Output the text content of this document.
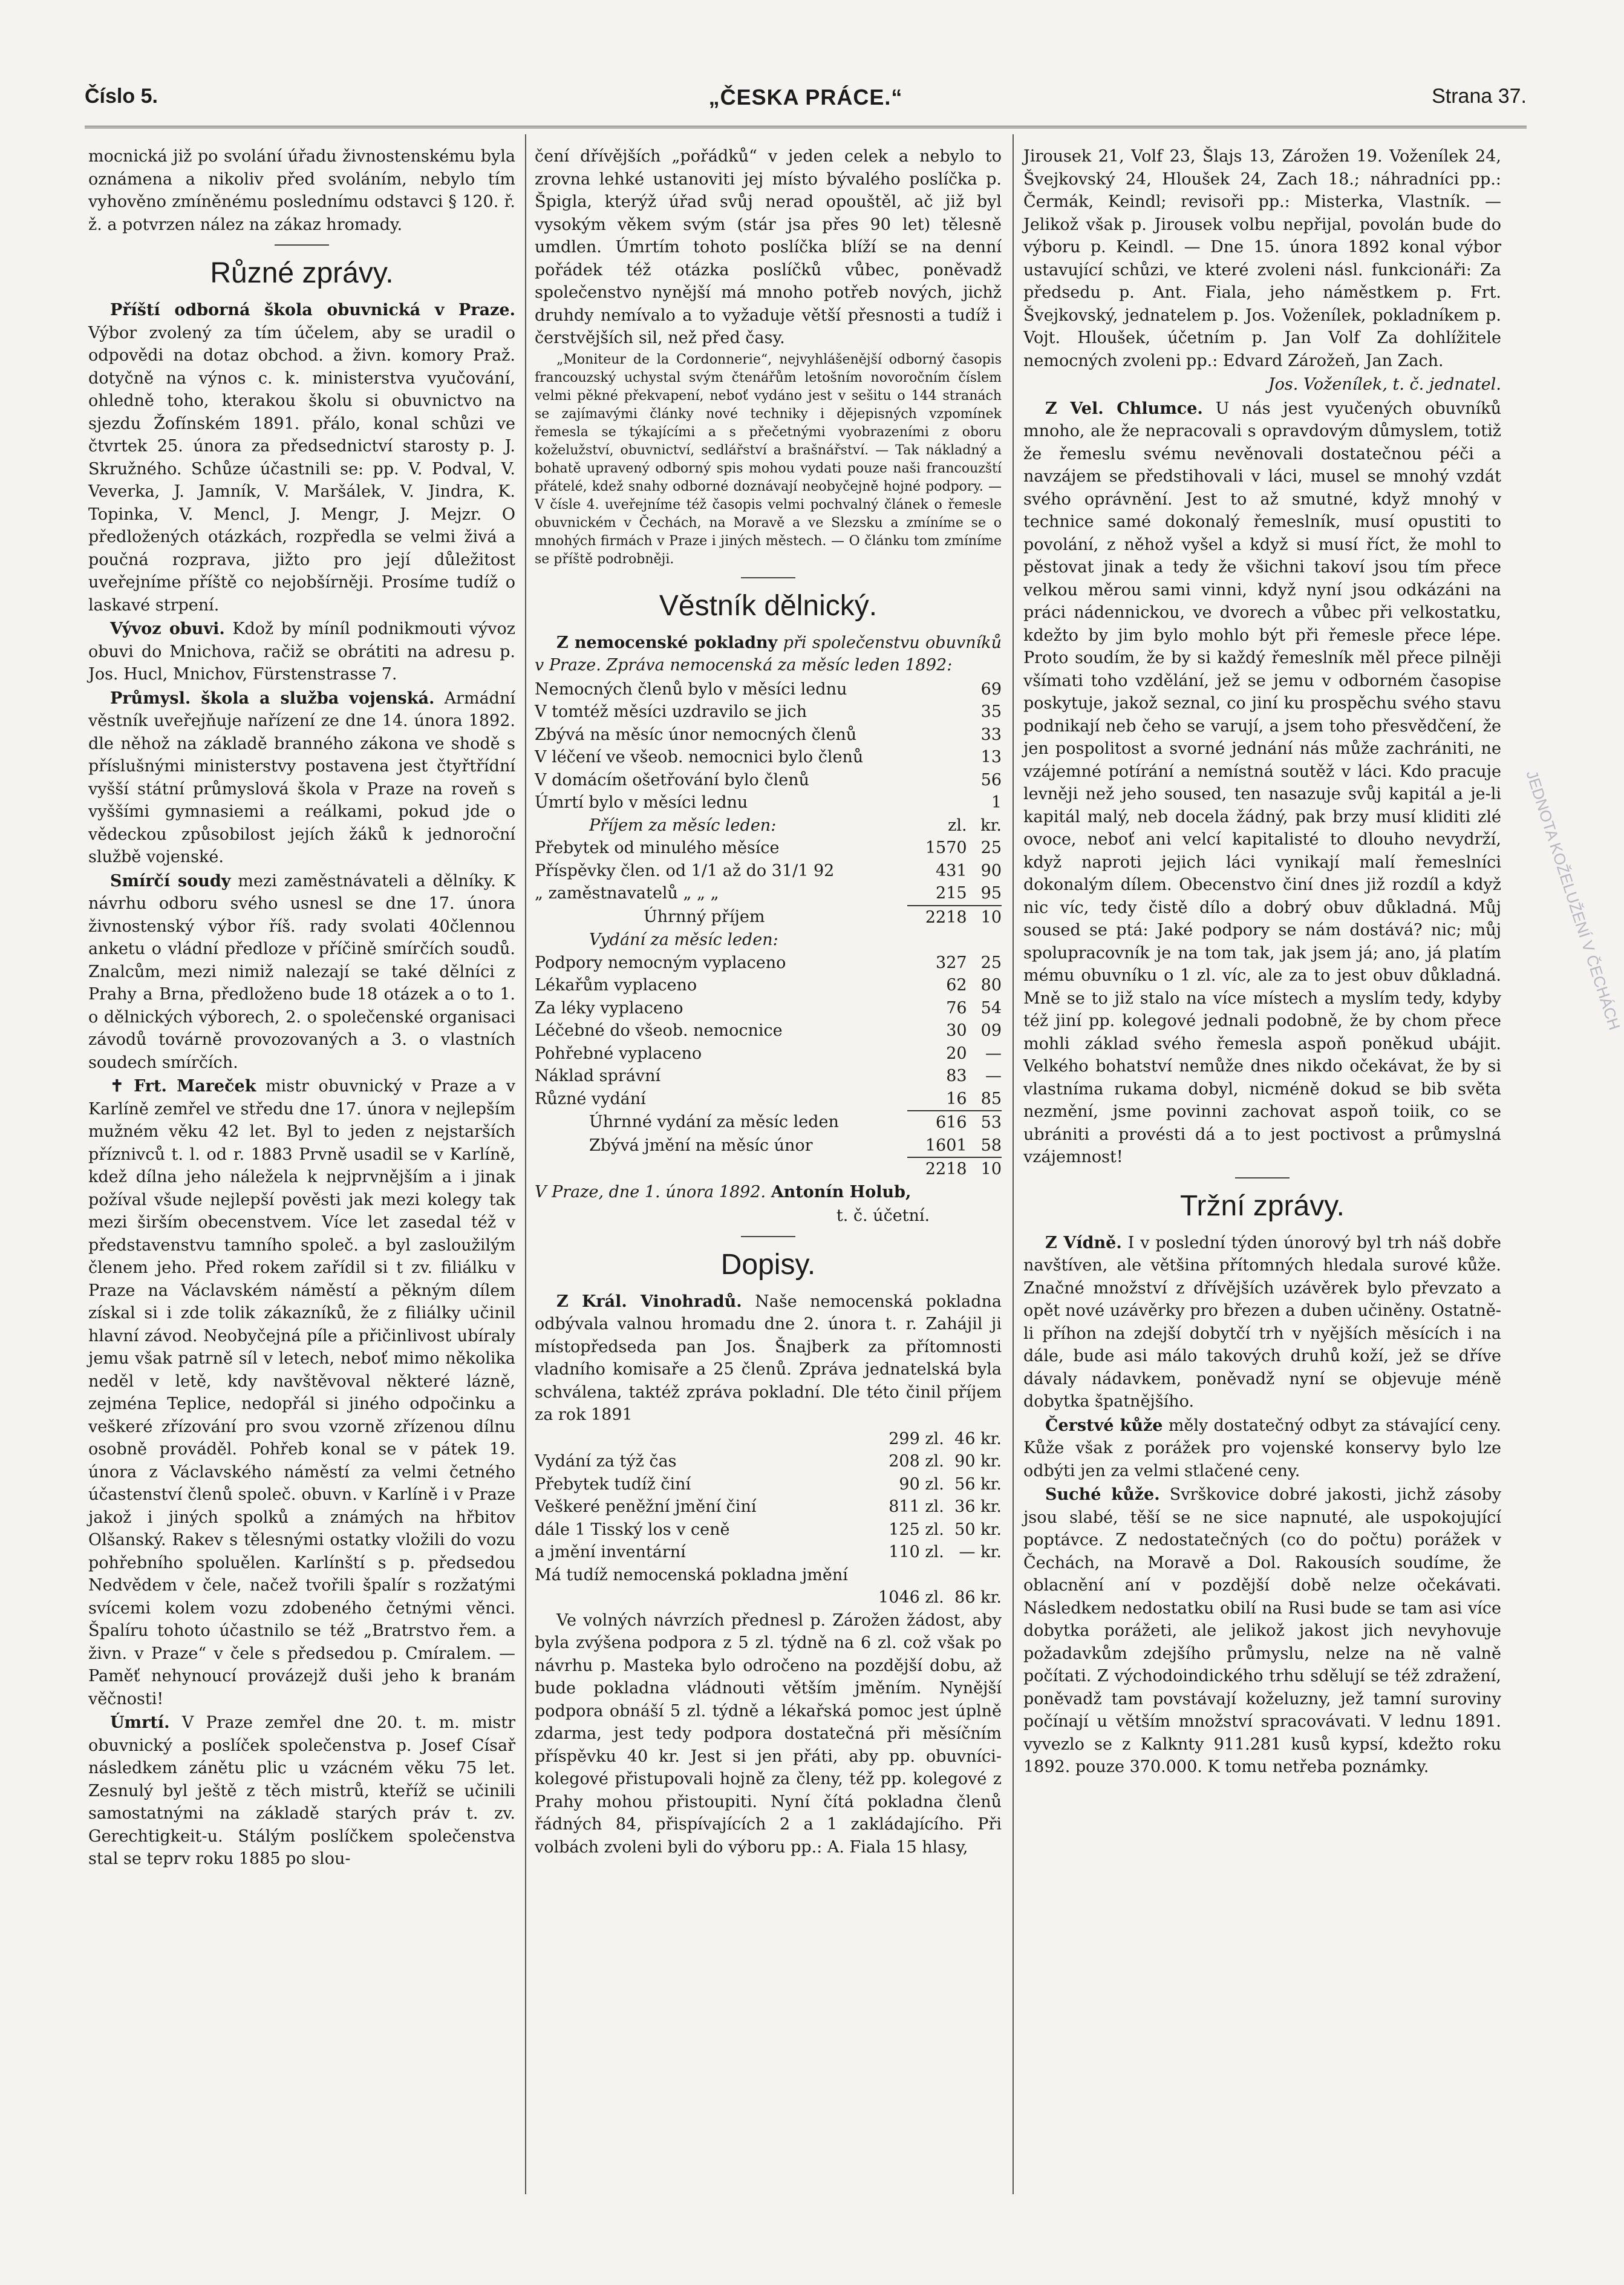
Číslo 5.	„ČESKA PRÁCE.“	Strana 37.

mocnická již po svolání úřadu živnostenskému byla oznámena a nikoliv před svoláním, nebylo tím vyhověno zmíněnému poslednímu odstavci § 120. ř. ž. a potvrzen nález na zákaz hromady.

Různé zprávy.

Příští odborná škola obuvnická v Praze. Výbor zvolený za tím účelem, aby se uradil o odpovědi na dotaz obchod. a živn. komory Praž. dotyčně na výnos c. k. ministerstva vyučování, ohledně toho, kterakou školu si obuvnictvo na sjezdu Žofínském 1891. přálo, konal schůzi ve čtvrtek 25. února za předsednictví starosty p. J. Skružného. Schůze účastnili se: pp. V. Podval, V. Veverka, J. Jamník, V. Maršálek, V. Jindra, K. Topinka, V. Mencl, J. Mengr, J. Mejzr. O předložených otázkách, rozpředla se velmi živá a poučná rozprava, jižto pro její důležitost uveřejníme příště co nejobšírněji. Prosíme tudíž o laskavé strpení.

Vývoz obuvi. Kdož by míníl podnikmouti vývoz obuvi do Mnichova, račiž se obrátiti na adresu p. Jos. Hucl, Mnichov, Fürstenstrasse 7.

Průmysl. škola a služba vojenská. Armádní věstník uveřejňuje nařízení ze dne 14. února 1892. dle něhož na základě branného zákona ve shodě s příslušnými ministerstvy postavena jest čtyřtřídní vyšší státní průmyslová škola v Praze na roveň s vyššími gymnasiemi a reálkami, pokud jde o vědeckou způsobilost jejích žáků k jednoroční službě vojenské.

Smírčí soudy mezi zaměstnávateli a dělníky. K návrhu odboru svého usnesl se dne 17. února živnostenský výbor říš. rady svolati 40člennou anketu o vládní předloze v příčině smírčích soudů. Znalcům, mezi nimiž nalezají se také dělníci z Prahy a Brna, předloženo bude 18 otázek a o to 1. o dělnických výborech, 2. o společenské organisaci závodů továrně provozovaných a 3. o vlastních soudech smírčích.

✝ Frt. Mareček mistr obuvnický v Praze a v Karlíně zemřel ve středu dne 17. února v nejlepším mužném věku 42 let. Byl to jeden z nejstarších příznivců t. l. od r. 1883 Prvně usadil se v Karlíně, kdež dílna jeho náležela k nejprvnějším a i jinak požíval všude nejlepší pověsti jak mezi kolegy tak mezi širším obecenstvem. Více let zasedal též v představenstvu tamního společ. a byl zasloužilým členem jeho. Před rokem zařídil si t zv. filiálku v Praze na Václavském náměstí a pěkným dílem získal si i zde tolik zákazníků, že z filiálky učinil hlavní závod. Neobyčejná píle a přičinlivost ubíraly jemu však patrně síl v letech, neboť mimo několika neděl v letě, kdy navštěvoval některé lázně, zejména Teplice, nedopřál si jiného odpočinku a veškeré zřízování pro svou vzorně zřízenou dílnu osobně prováděl. Pohřeb konal se v pátek 19. února z Václavského náměstí za velmi četného účastenství členů společ. obuvn. v Karlíně i v Praze jakož i jiných spolků a známých na hřbitov Olšanský. Rakev s tělesnými ostatky vložili do vozu pohřebního spoluělen. Karlínští s p. předsedou Nedvědem v čele, načež tvořili špalír s rozžatými svícemi kolem vozu zdobeného četnými věnci. Špalíru tohoto účastnilo se též „Bratrstvo řem. a živn. v Praze“ v čele s předsedou p. Cmíralem. — Paměť nehynoucí provázejž duši jeho k branám věčnosti!

Úmrtí. V Praze zemřel dne 20. t. m. mistr obuvnický a poslíček společenstva p. Josef Císař následkem zánětu plic u vzácném věku 75 let. Zesnulý byl ještě z těch mistrů, kteříž se učinili samostatnými na základě starých práv t. zv. Gerechtigkeit-u. Stálým poslíčkem společenstva stal se teprv roku 1885 po slou-

čení dřívějších „pořádků“ v jeden celek a nebylo to zrovna lehké ustanoviti jej místo bývalého poslíčka p. Špigla, kterýž úřad svůj nerad opouštěl, ač již byl vysokým věkem svým (stár jsa přes 90 let) tělesně umdlen. Úmrtím tohoto poslíčka blíží se na denní pořádek též otázka poslíčků vůbec, poněvadž společenstvo nynější má mnoho potřeb nových, jichž druhdy nemívalo a to vyžaduje větší přesnosti a tudíž i čerstvějších sil, než před časy.

„Moniteur de la Cordonnerie“, nejvyhlášenější odborný časopis francouzský uchystal svým čtenářům letošním novoročním číslem velmi pěkné překvapení, neboť vydáno jest v sešitu o 144 stranách se zajímavými články nové techniky i dějepisných vzpomínek řemesla se týkajícími a s přečetnými vyobrazeními z oboru koželužství, obuvnictví, sedlářství a brašnářství. — Tak nákladný a bohatě upravený odborný spis mohou vydati pouze naši francouzští přátelé, kdež snahy odborné doznávají neobyčejně hojné podpory. — V čísle 4. uveřejníme též časopis velmi pochvalný článek o řemesle obuvnickém v Čechách, na Moravě a ve Slezsku a zmíníme se o mnohých firmách v Praze i jiných městech. — O článku tom zmíníme se příště podrobněji.

Věstník dělnický.

Z nemocenské pokladny při společenstvu obuvníků v Praze. Zpráva nemocenská za měsíc leden 1892:

Nemocných členů bylo v měsíci lednu	69
V tomtéž měsíci uzdravilo se jich	35
Zbývá na měsíc únor nemocných členů	33
V léčení ve všeob. nemocnici bylo členů	13
V domácím ošetřování bylo členů	56
Úmrtí bylo v měsíci lednu	1
Příjem za měsíc leden:	zl.	kr.
Přebytek od minulého měsíce	1570	25
Příspěvky člen. od 1/1 až do 31/1 92	431	90
„ zaměstnavatelů „ „ „	215	95
Úhrnný příjem	2218	10
Vydání za měsíc leden:		
Podpory nemocným vyplaceno	327	25
Lékařům vyplaceno	62	80
Za léky vyplaceno	76	54
Léčebné do všeob. nemocnice	30	09
Pohřebné vyplaceno	20	—
Náklad správní	83	—
Různé vydání	16	85
Úhrnné vydání za měsíc leden	616	53
Zbývá jmění na měsíc únor	1601	58
	2218	10

V Praze, dne 1. února 1892. Antonín Holub,

t. č. účetní.

Dopisy.

Z Král. Vinohradů. Naše nemocenská pokladna odbývala valnou hromadu dne 2. února t. r. Zahájil ji místopředseda pan Jos. Šnajberk za přítomnosti vladního komisaře a 25 členů. Zpráva jednatelská byla schválena, taktéž zpráva pokladní. Dle této činil příjem za rok 1891

	299 zl.	46 kr.
Vydání za týž čas	208 zl.	90 kr.
Přebytek tudíž činí	90 zl.	56 kr.
Veškeré peněžní jmění činí	811 zl.	36 kr.
dále 1 Tisský los v ceně	125 zl.	50 kr.
a jmění inventární	110 zl.	— kr.
Má tudíž nemocenská pokladna jmění		
	1046 zl.	86 kr.

Ve volných návrzích přednesl p. Zárožen žádost, aby byla zvýšena podpora z 5 zl. týdně na 6 zl. což však po návrhu p. Masteka bylo odročeno na pozdější dobu, až bude pokladna vládnouti větším jměním. Nynější podpora obnáší 5 zl. týdně a lékařská pomoc jest úplně zdarma, jest tedy podpora dostatečná při měsíčním příspěvku 40 kr. Jest si jen přáti, aby pp. obuvníci-kolegové přistupovali hojně za členy, též pp. kolegové z Prahy mohou přistoupiti. Nyní čítá pokladna členů řádných 84, přispívajících 2 a 1 zakládajícího. Při volbách zvoleni byli do výboru pp.: A. Fiala 15 hlasy,

Jirousek 21, Volf 23, Šlajs 13, Zárožen 19. Voženílek 24, Švejkovský 24, Hloušek 24, Zach 18.; náhradníci pp.: Čermák, Keindl; revisoři pp.: Misterka, Vlastník. — Jelikož však p. Jirousek volbu nepřijal, povolán bude do výboru p. Keindl. — Dne 15. února 1892 konal výbor ustavující schůzi, ve které zvoleni násl. funkcionáři: Za předsedu p. Ant. Fiala, jeho náměstkem p. Frt. Švejkovský, jednatelem p. Jos. Voženílek, pokladníkem p. Vojt. Hloušek, účetním p. Jan Volf Za dohlížitele nemocných zvoleni pp.: Edvard Zárožeň, Jan Zach.

Jos. Voženílek, t. č. jednatel.

Z Vel. Chlumce. U nás jest vyučených obuvníků mnoho, ale že nepracovali s opravdovým důmyslem, totiž že řemeslu svému nevěnovali dostatečnou péči a navzájem se předstihovali v láci, musel se mnohý vzdát svého oprávnění. Jest to až smutné, když mnohý v technice samé dokonalý řemeslník, musí opustiti to povolání, z něhož vyšel a když si musí říct, že mohl to pěstovat jinak a tedy že všichni takoví jsou tím přece velkou měrou sami vinni, když nyní jsou odkázáni na práci nádennickou, ve dvorech a vůbec při velkostatku, kdežto by jim bylo mohlo být při řemesle přece lépe. Proto soudím, že by si každý řemeslník měl přece pilněji všímati toho vzdělání, jež se jemu v odborném časopise poskytuje, jakož seznal, co jiní ku prospěchu svého stavu podnikají neb čeho se varují, a jsem toho přesvědčení, že jen pospolitost a svorné jednání nás může zachrániti, ne vzájemné potírání a nemístná soutěž v láci. Kdo pracuje levněji než jeho soused, ten nasazuje svůj kapitál a je-li kapitál malý, neb docela žádný, pak brzy musí kliditi zlé ovoce, neboť ani velcí kapitalisté to dlouho nevydrží, když naproti jejich láci vynikají malí řemeslníci dokonalým dílem. Obecenstvo činí dnes již rozdíl a když nic víc, tedy čistě dílo a dobrý obuv důkladná. Můj soused se ptá: Jaké podpory se nám dostává? nic; můj spolupracovník je na tom tak, jak jsem já; ano, já platím mému obuvníku o 1 zl. víc, ale za to jest obuv důkladná. Mně se to již stalo na více místech a myslím tedy, kdyby též jiní pp. kolegové jednali podobně, že by chom přece mohli základ svého řemesla aspoň poněkud ubájit. Velkého bohatství nemůže dnes nikdo očekávat, že by si vlastníma rukama dobyl, nicméně dokud se bib světa nezmění, jsme povinni zachovat aspoň toiik, co se ubrániti a provésti dá a to jest poctivost a průmyslná vzájemnost!

Tržní zprávy.

Z Vídně. I v poslední týden únorový byl trh náš dobře navštíven, ale většina přítomných hledala surové kůže. Značné množství z dřívějších uzávěrek bylo převzato a opět nové uzávěrky pro březen a duben učiněny. Ostatně-li příhon na zdejší dobytčí trh v nyějších měsících i na dále, bude asi málo takových druhů koží, jež se dříve dávaly nádavkem, poněvadž nyní se objevuje méně dobytka špatnějšího.

Čerstvé kůže měly dostatečný odbyt za stávající ceny. Kůže však z porážek pro vojenské konservy bylo lze odbýti jen za velmi stlačené ceny.

Suché kůže. Svrškovice dobré jakosti, jichž zásoby jsou slabé, těší se ne sice napnuté, ale uspokojující poptávce. Z nedostatečných (co do počtu) porážek v Čechách, na Moravě a Dol. Rakousích soudíme, že oblacnění aní v pozdější době nelze očekávati. Následkem nedostatku obilí na Rusi bude se tam asi více dobytka porážeti, ale jelikož jakost jich nevyhovuje požadavkům zdejšího průmyslu, nelze na ně valně počítati. Z východoindického trhu sdělují se též zdražení, poněvadž tam povstávají koželuzny, jež tamní suroviny počínají u větším množství spracovávati. V lednu 1891. vyvezlo se z Kalknty 911.281 kusů kypsí, kdežto roku 1892. pouze 370.000. K tomu netřeba poznámky.

JEDNOTA KOŽELUŽENÍ V ČECHÁCH
